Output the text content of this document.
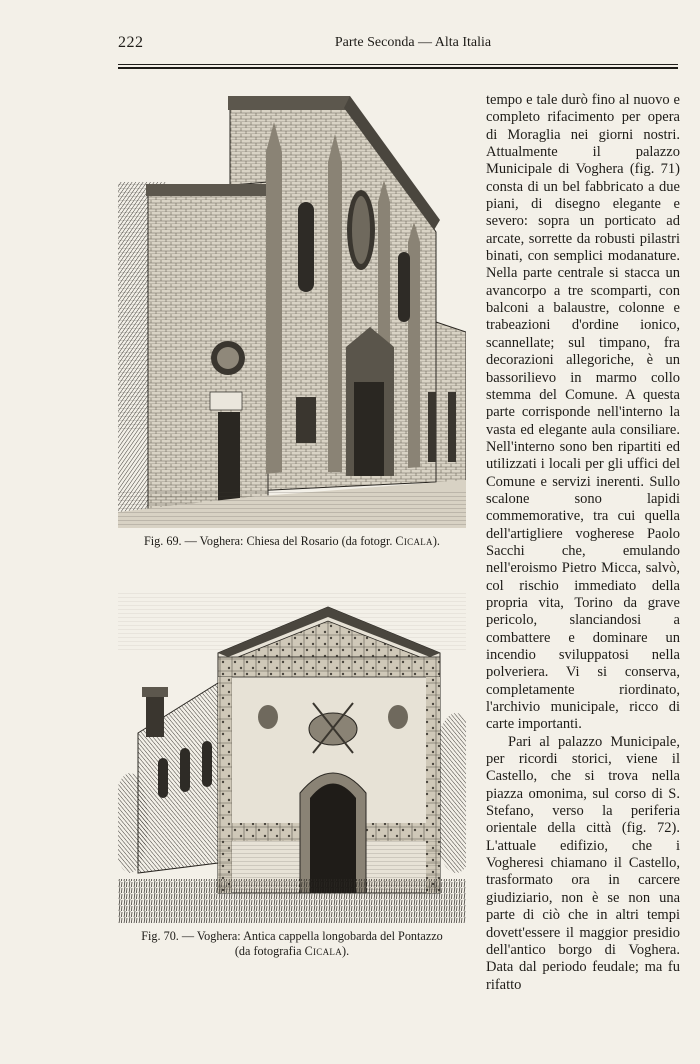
222	Parte Seconda — Alta Italia
Fig. 69. — Voghera: Chiesa del Rosario (da fotogr. Cicala).
Fig. 70. — Voghera: Antica cappella longobarda del Pontazzo
(da fotografia Cicala).

tempo e tale durò fino al nuovo e completo rifacimento per opera di Moraglia nei giorni nostri. Attualmente il palazzo Municipale di Voghera (fig. 71) consta di un bel fabbricato a due piani, di disegno elegante e severo: sopra un porticato ad arcate, sorrette da robusti pilastri binati, con semplici modanature. Nella parte centrale si stacca un avancorpo a tre scomparti, con balconi a balaustre, colonne e trabeazioni d'ordine ionico, scannellate; sul timpano, fra decorazioni allegoriche, è un bassorilievo in marmo collo stemma del Comune. A questa parte corrisponde nell'interno la vasta ed elegante aula consiliare. Nell'interno sono ben ripartiti ed utilizzati i locali per gli uffici del Comune e servizi inerenti. Sullo scalone sono lapidi commemorative, tra cui quella dell'artigliere vogherese Paolo Sacchi che, emulando nell'eroismo Pietro Micca, salvò, col rischio immediato della propria vita, Torino da grave pericolo, slanciandosi a combattere e dominare un incendio sviluppatosi nella polveriera. Vi si conserva, completamente riordinato, l'archivio municipale, ricco di carte importanti.

Pari al palazzo Municipale, per ricordi storici, viene il Castello, che si trova nella piazza omonima, sul corso di S. Stefano, verso la periferia orientale della città (fig. 72). L'attuale edifizio, che i Vogheresi chiamano il Castello, trasformato ora in carcere giudiziario, non è se non una parte di ciò che in altri tempi dovett'essere il maggior presidio dell'antico borgo di Voghera. Data dal periodo feudale; ma fu rifatto
